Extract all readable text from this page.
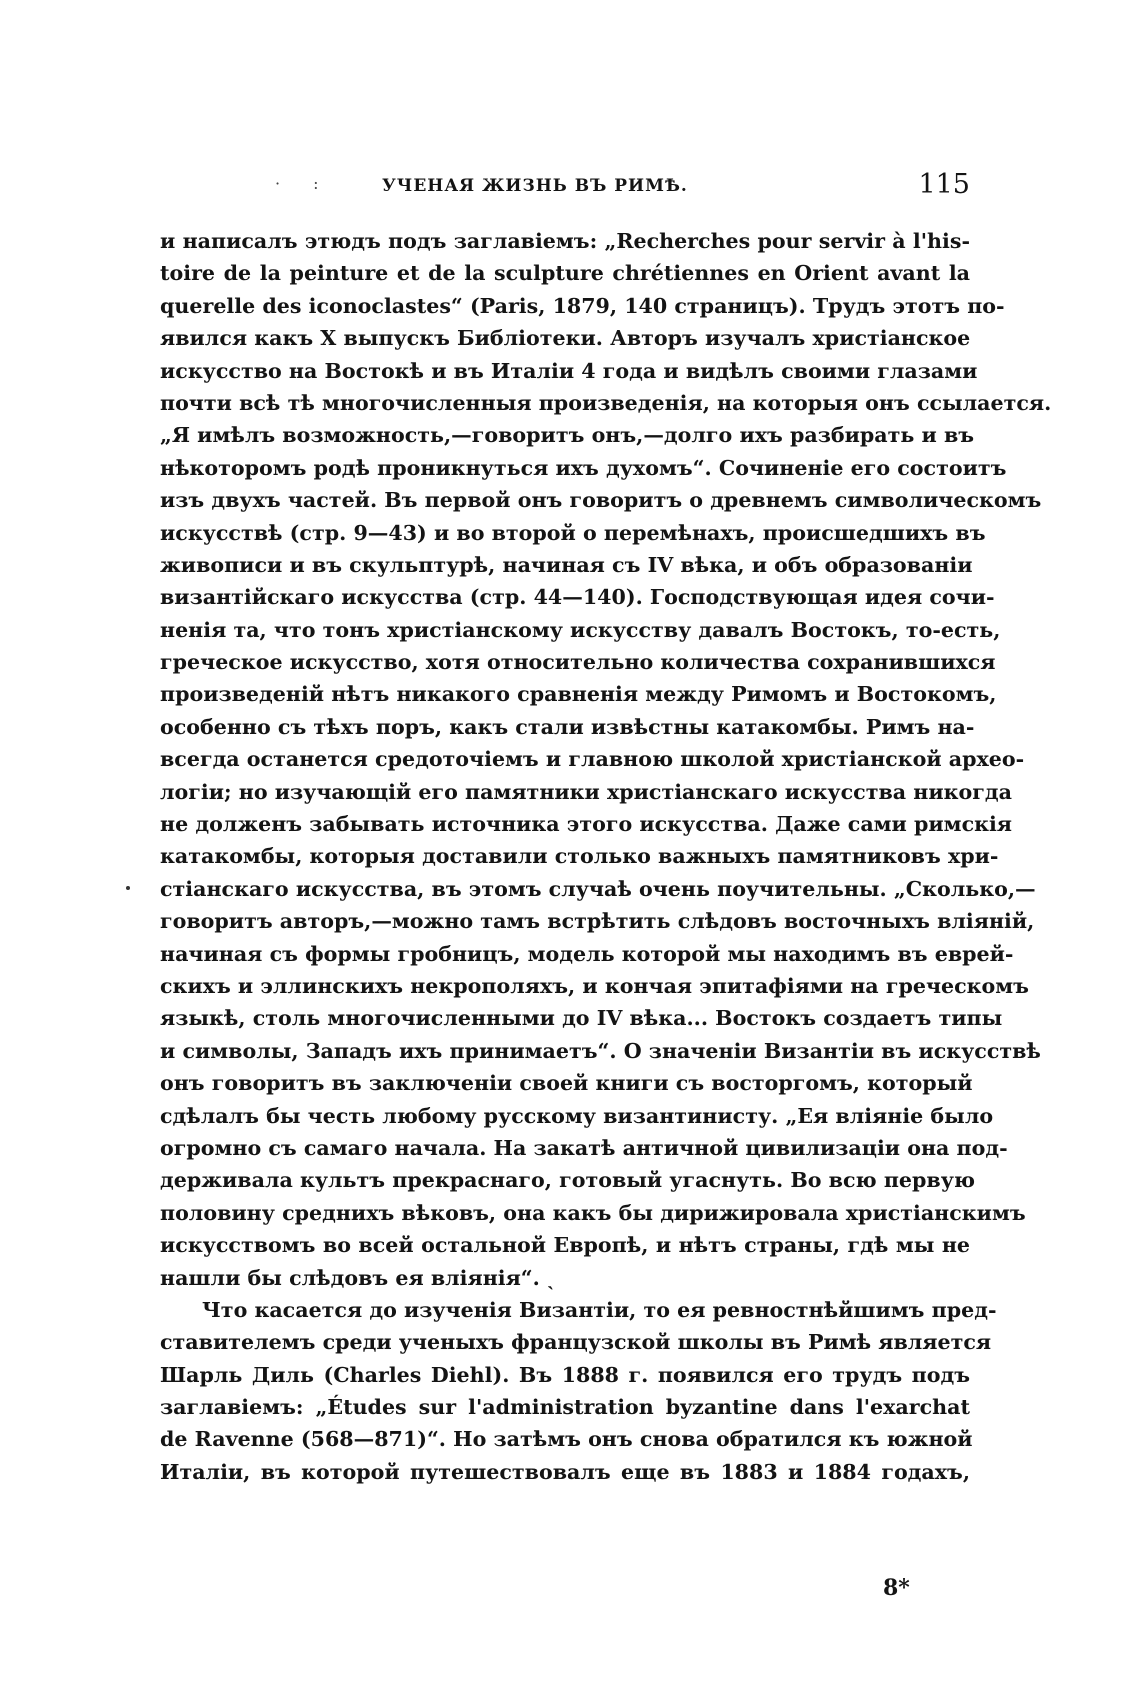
· :	УЧЕНАЯ ЖИЗНЬ ВЪ РИМѢ.	115
и написалъ этюдъ подъ заглавіемъ: „Recherches pour servir à l'his-
toire de la peinture et de la sculpture chrétiennes en Orient avant la
querelle des iconoclastes“ (Paris, 1879, 140 страницъ). Трудъ этотъ по-
явился какъ X выпускъ Библіотеки. Авторъ изучалъ христіанское
искусство на Востокѣ и въ Италіи 4 года и видѣлъ своими глазами
почти всѣ тѣ многочисленныя произведенія, на которыя онъ ссылается.
„Я имѣлъ возможность,—говоритъ онъ,—долго ихъ разбирать и въ
нѣкоторомъ родѣ проникнуться ихъ духомъ“. Сочиненіе его состоитъ
изъ двухъ частей. Въ первой онъ говоритъ о древнемъ символическомъ
искусствѣ (стр. 9—43) и во второй о перемѣнахъ, происшедшихъ въ
живописи и въ скульптурѣ, начиная съ IV вѣка, и объ образованіи
византійскаго искусства (стр. 44—140). Господствующая идея сочи-
ненія та, что тонъ христіанскому искусству давалъ Востокъ, то-есть,
греческое искусство, хотя относительно количества сохранившихся
произведеній нѣтъ никакого сравненія между Римомъ и Востокомъ,
особенно съ тѣхъ поръ, какъ стали извѣстны катакомбы. Римъ на-
всегда останется средоточіемъ и главною школой христіанской археo-
логіи; но изучающій его памятники христіанскаго искусства никогда
не долженъ забывать источника этого искусства. Даже сами римскія
катакомбы, которыя доставили столько важныхъ памятниковъ хри-
стіанскаго искусства, въ этомъ случаѣ очень поучительны. „Сколько,—
говоритъ авторъ,—можно тамъ встрѣтить слѣдовъ восточныхъ вліяній,
начиная съ формы гробницъ, модель которой мы находимъ въ еврей-
скихъ и эллинскихъ некрополяхъ, и кончая эпитафіями на греческомъ
языкѣ, столь многочисленными до IV вѣка... Востокъ создаетъ типы
и символы, Западъ ихъ принимаетъ“. О значеніи Византіи въ искусствѣ
онъ говоритъ въ заключеніи своей книги съ восторгомъ, который
сдѣлалъ бы честь любому русскому византинисту. „Ея вліяніе было
огромно съ самаго начала. На закатѣ античной цивилизаціи она под-
держивала культъ прекраснаго, готовый угаснуть. Во всю первую
половину среднихъ вѣковъ, она какъ бы дирижировала христіанскимъ
искусствомъ во всей остальной Европѣ, и нѣтъ страны, гдѣ мы не
нашли бы слѣдовъ ея вліянія“. ˎ
Что касается до изученія Византіи, то ея ревностнѣйшимъ пред-
ставителемъ среди ученыхъ французской школы въ Римѣ является
Шарль Диль (Charles Diehl). Въ 1888 г. появился его трудъ подъ
заглавіемъ: „Études sur l'administration byzantine dans l'exarchat
de Ravenne (568—871)“. Но затѣмъ онъ снова обратился къ южной
Италіи, въ которой путешествовалъ еще въ 1883 и 1884 годахъ,
8*
